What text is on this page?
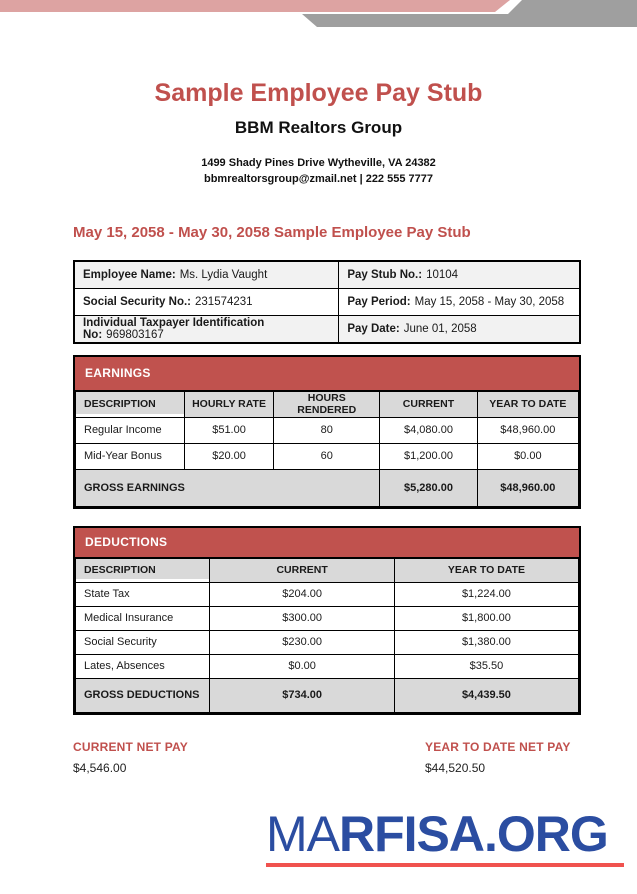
Sample Employee Pay Stub
BBM Realtors Group
1499 Shady Pines Drive Wytheville, VA 24382
bbmrealtorsgroup@zmail.net | 222 555 7777
May 15, 2058 - May 30, 2058 Sample Employee Pay Stub
Employee Name: Ms. Lydia Vaught	Pay Stub No.: 10104
Social Security No.: 231574231	Pay Period: May 15, 2058 - May 30, 2058
Individual Taxpayer Identification No: 969803167	Pay Date: June 01, 2058
EARNINGS
DESCRIPTION	HOURLY RATE	HOURS RENDERED	CURRENT	YEAR TO DATE
Regular Income	$51.00	80	$4,080.00	$48,960.00
Mid-Year Bonus	$20.00	60	$1,200.00	$0.00
GROSS EARNINGS			$5,280.00	$48,960.00
DEDUCTIONS
DESCRIPTION	CURRENT	YEAR TO DATE
State Tax	$204.00	$1,224.00
Medical Insurance	$300.00	$1,800.00
Social Security	$230.00	$1,380.00
Lates, Absences	$0.00	$35.50
GROSS DEDUCTIONS	$734.00	$4,439.50
CURRENT NET PAY
$4,546.00
YEAR TO DATE NET PAY
$44,520.50
MARFISA.ORG
